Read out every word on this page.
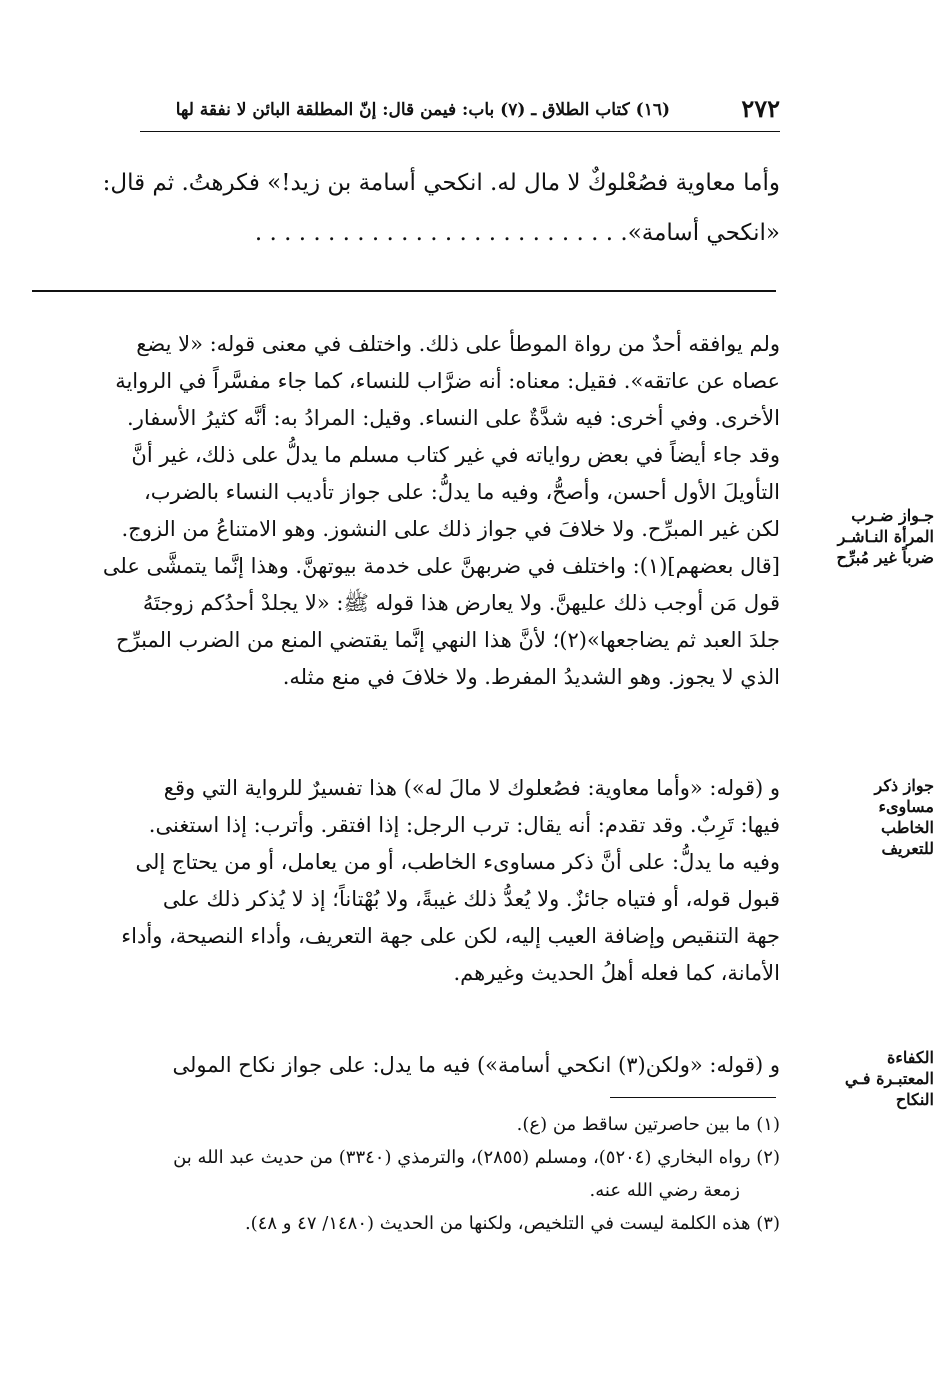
٢٧٢
(١٦) كتاب الطلاق ـ (٧) باب: فيمن قال: إنّ المطلقة البائن لا نفقة لها
وأما معاوية فصُعْلوكٌ لا مال له. انكحي أسامة بن زيد!» فكرهتُ. ثم قال:
«انكحي أسامة». . . . . . . . . . . . . . . . . . . . . . . . . .
ولم يوافقه أحدٌ من رواة الموطأ على ذلك. واختلف في معنى قوله: «لا يضع
عصاه عن عاتقه». فقيل: معناه: أنه ضرَّاب للنساء، كما جاء مفسَّراً في الرواية
الأخرى. وفي أخرى: فيه شدَّةٌ على النساء. وقيل: المرادُ به: أنَّه كثيرُ الأسفار.
وقد جاء أيضاً في بعض رواياته في غير كتاب مسلم ما يدلُّ على ذلك، غير أنَّ
التأويلَ الأول أحسن، وأصحُّ، وفيه ما يدلُّ: على جواز تأديب النساء بالضرب،
لكن غير المبرِّح. ولا خلافَ في جواز ذلك على النشوز. وهو الامتناعُ من الزوج.
[قال بعضهم](١): واختلف في ضربهنَّ على خدمة بيوتهنَّ. وهذا إنَّما يتمشَّى على
قول مَن أوجب ذلك عليهنَّ. ولا يعارض هذا قوله ﷺ: «لا يجلدْ أحدُكم زوجتَهُ
جلدَ العبد ثم يضاجعها»(٢)؛ لأنَّ هذا النهي إنَّما يقتضي المنع من الضرب المبرِّح
الذي لا يجوز. وهو الشديدُ المفرط. ولا خلافَ في منع مثله.
و (قوله: «وأما معاوية: فصُعلوك لا مالَ له») هذا تفسيرٌ للرواية التي وقع
فيها: تَرِبٌ. وقد تقدم: أنه يقال: ترب الرجل: إذا افتقر. وأترب: إذا استغنى.
وفيه ما يدلُّ: على أنَّ ذكر مساوىء الخاطب، أو من يعامل، أو من يحتاج إلى
قبول قوله، أو فتياه جائزٌ. ولا يُعدُّ ذلك غيبةً، ولا بُهْتاناً؛ إذ لا يُذكر ذلك على
جهة التنقيص وإضافة العيب إليه، لكن على جهة التعريف، وأداء النصيحة، وأداء
الأمانة، كما فعله أهلُ الحديث وغيرهم.
و (قوله: «ولكن(٣) انكحي أسامة») فيه ما يدل: على جواز نكاح المولى
جـواز ضـرب
المرأة النـاشـر
ضرباً غير مُبرِّح
جواز ذكر
مساوىء
الخاطب
للتعريف
الكفاءة
المعتبـرة فـي
النكاح
(١) ما بين حاصرتين ساقط من (ع).
(٢) رواه البخاري (٥٢٠٤)، ومسلم (٢٨٥٥)، والترمذي (٣٣٤٠) من حديث عبد الله بن
زمعة رضي الله عنه.
(٣) هذه الكلمة ليست في التلخيص، ولكنها من الحديث (١٤٨٠/ ٤٧ و ٤٨).
